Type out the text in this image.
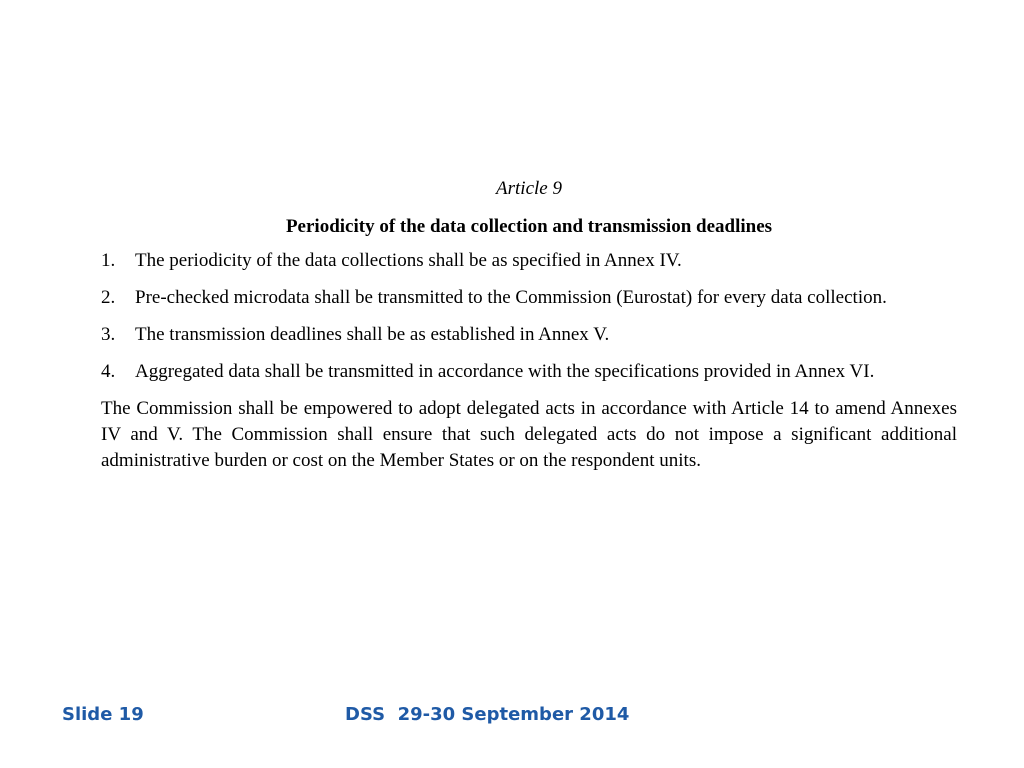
Article 9

Periodicity of the data collection and transmission deadlines

1.	The periodicity of the data collections shall be as specified in Annex IV.
2.	Pre-checked microdata shall be transmitted to the Commission (Eurostat) for every data collection.
3.	The transmission deadlines shall be as established in Annex V.
4.	Aggregated data shall be transmitted in accordance with the specifications provided in Annex VI.

The Commission shall be empowered to adopt delegated acts in accordance with Article 14 to amend Annexes IV and V. The Commission shall ensure that such delegated acts do not impose a significant additional administrative burden or cost on the Member States or on the respondent units.

Slide 19	DSS  29-30 September 2014
